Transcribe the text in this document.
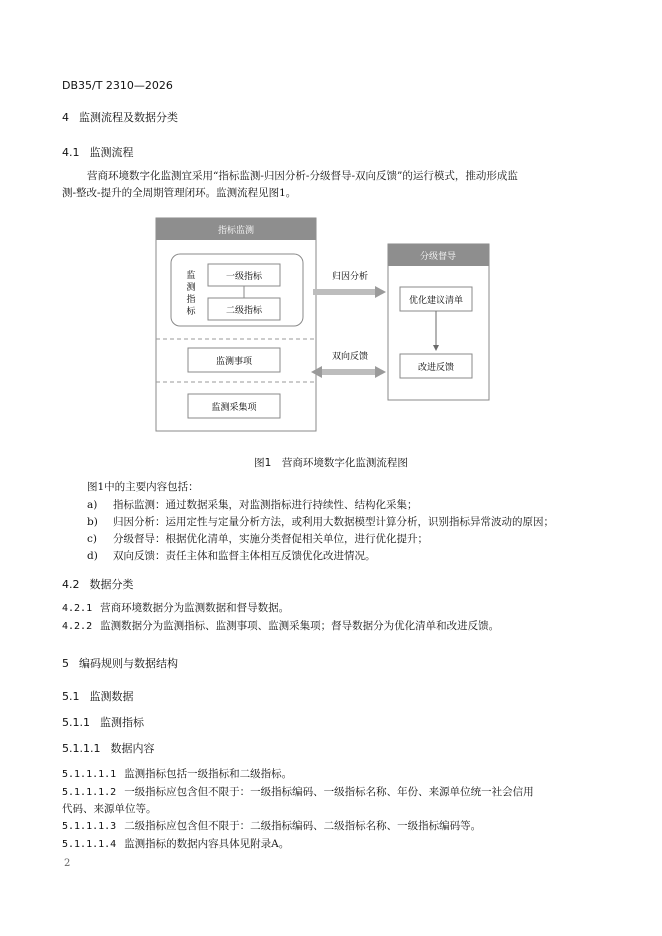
DB35/T 2310—2026
4 监测流程及数据分类
4.1 监测流程
营商环境数字化监测宜采用“指标监测-归因分析-分级督导-双向反馈”的运行模式，推动形成监
测-整改-提升的全周期管理闭环。监测流程见图1。
指标监测
监
测
指
标
一级指标
二级指标
监测事项
监测采集项
归因分析
双向反馈
分级督导
优化建议清单
改进反馈
图1　营商环境数字化监测流程图
图1中的主要内容包括：
a) 指标监测：通过数据采集，对监测指标进行持续性、结构化采集；
b) 归因分析：运用定性与定量分析方法，或利用大数据模型计算分析，识别指标异常波动的原因；
c) 分级督导：根据优化清单，实施分类督促相关单位，进行优化提升；
d) 双向反馈：责任主体和监督主体相互反馈优化改进情况。
4.2 数据分类
4.2.1 营商环境数据分为监测数据和督导数据。
4.2.2 监测数据分为监测指标、监测事项、监测采集项；督导数据分为优化清单和改进反馈。
5 编码规则与数据结构
5.1 监测数据
5.1.1 监测指标
5.1.1.1 数据内容
5.1.1.1.1 监测指标包括一级指标和二级指标。
5.1.1.1.2 一级指标应包含但不限于：一级指标编码、一级指标名称、年份、来源单位统一社会信用
代码、来源单位等。
5.1.1.1.3 二级指标应包含但不限于：二级指标编码、二级指标名称、一级指标编码等。
5.1.1.1.4 监测指标的数据内容具体见附录A。
2
